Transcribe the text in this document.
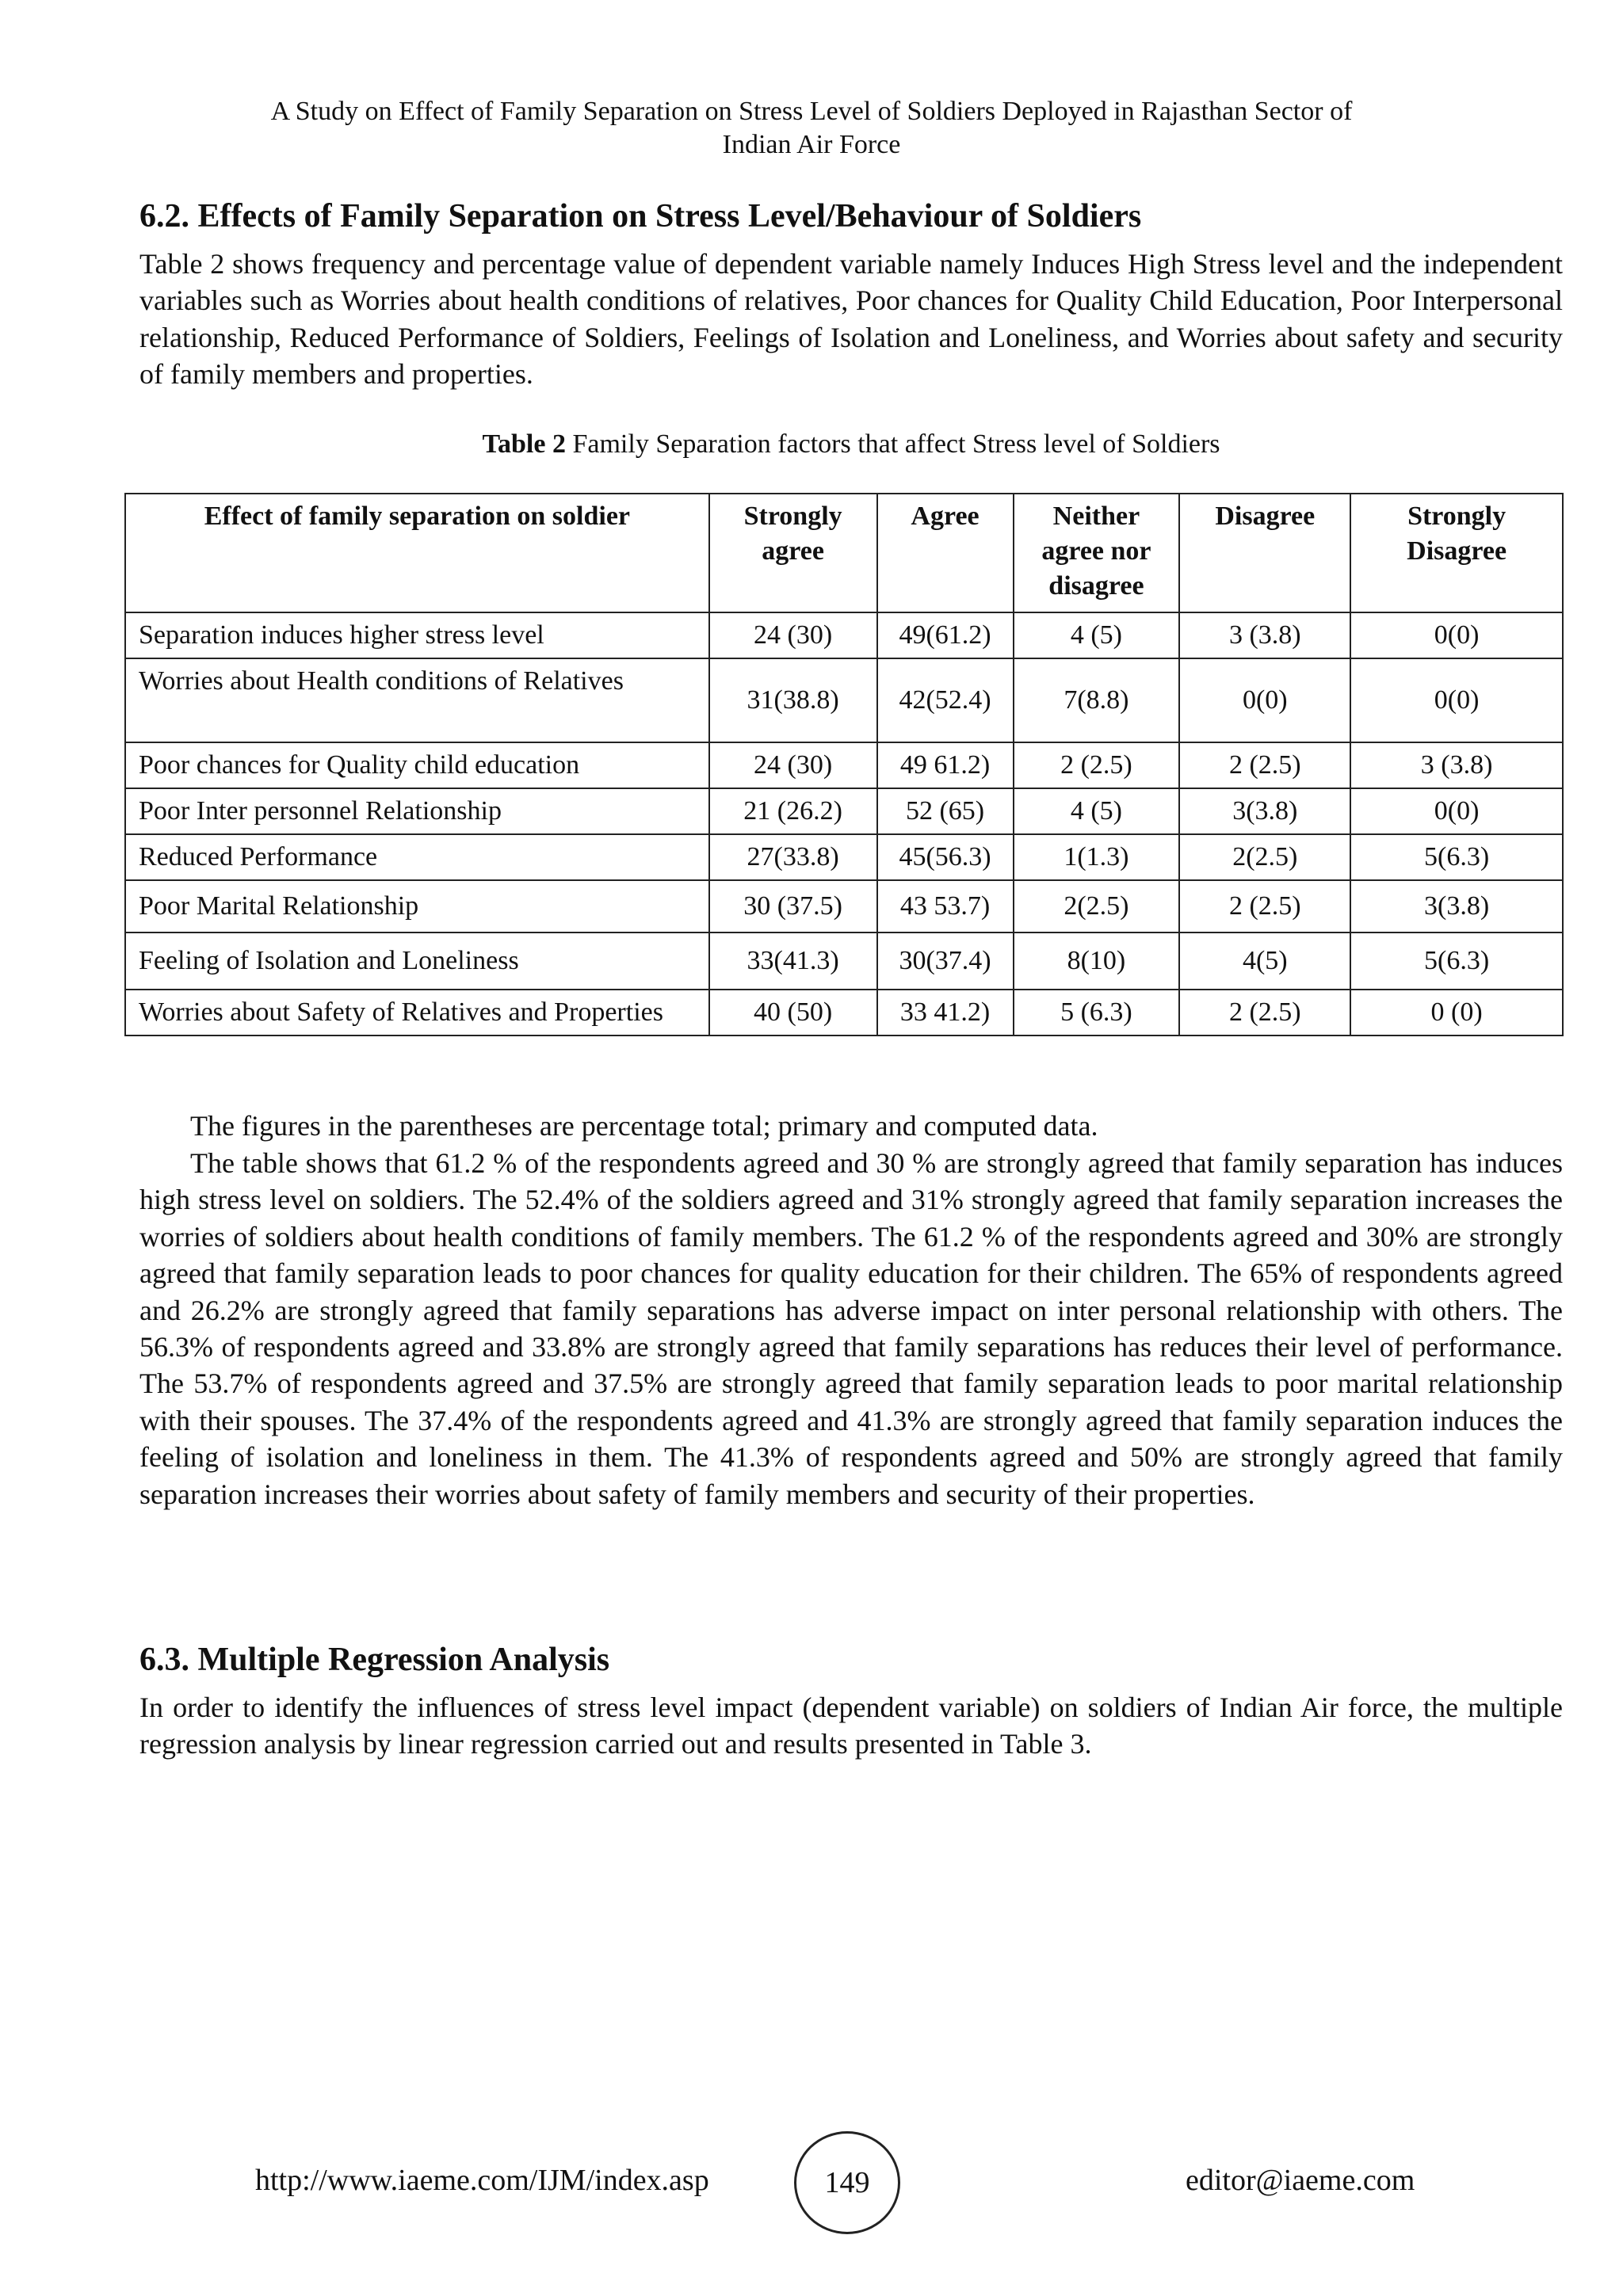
A Study on Effect of Family Separation on Stress Level of Soldiers Deployed in Rajasthan Sector of
Indian Air Force
6.2. Effects of Family Separation on Stress Level/Behaviour of Soldiers

Table 2 shows frequency and percentage value of dependent variable namely Induces High Stress level and the independent variables such as Worries about health conditions of relatives, Poor chances for Quality Child Education, Poor Interpersonal relationship, Reduced Performance of Soldiers, Feelings of Isolation and Loneliness, and Worries about safety and security of family members and properties.

Table 2 Family Separation factors that affect Stress level of Soldiers
Effect of family separation on soldier	Strongly agree	Agree	Neither agree nor disagree	Disagree	Strongly Disagree
Separation induces higher stress level	24 (30)	49(61.2)	4 (5)	3 (3.8)	0(0)
Worries about Health conditions of Relatives	31(38.8)	42(52.4)	7(8.8)	0(0)	0(0)
Poor chances for Quality child education	24 (30)	49 61.2)	2 (2.5)	2 (2.5)	3 (3.8)
Poor Inter personnel Relationship	21 (26.2)	52 (65)	4 (5)	3(3.8)	0(0)
Reduced Performance	27(33.8)	45(56.3)	1(1.3)	2(2.5)	5(6.3)
Poor Marital Relationship	30 (37.5)	43 53.7)	2(2.5)	2 (2.5)	3(3.8)
Feeling of Isolation and Loneliness	33(41.3)	30(37.4)	8(10)	4(5)	5(6.3)
Worries about Safety of Relatives and Properties	40 (50)	33 41.2)	5 (6.3)	2 (2.5)	0 (0)

The figures in the parentheses are percentage total; primary and computed data.

The table shows that 61.2 % of the respondents agreed and 30 % are strongly agreed that family separation has induces high stress level on soldiers. The 52.4% of the soldiers agreed and 31% strongly agreed that family separation increases the worries of soldiers about health conditions of family members. The 61.2 % of the respondents agreed and 30% are strongly agreed that family separation leads to poor chances for quality education for their children. The 65% of respondents agreed and 26.2% are strongly agreed that family separations has adverse impact on inter personal relationship with others. The 56.3% of respondents agreed and 33.8% are strongly agreed that family separations has reduces their level of performance. The 53.7% of respondents agreed and 37.5% are strongly agreed that family separation leads to poor marital relationship with their spouses. The 37.4% of the respondents agreed and 41.3% are strongly agreed that family separation induces the feeling of isolation and loneliness in them. The 41.3% of respondents agreed and 50% are strongly agreed that family separation increases their worries about safety of family members and security of their properties.

6.3. Multiple Regression Analysis

In order to identify the influences of stress level impact (dependent variable) on soldiers of Indian Air force, the multiple regression analysis by linear regression carried out and results presented in Table 3.

http://www.iaeme.com/IJM/index.asp	149	editor@iaeme.com
